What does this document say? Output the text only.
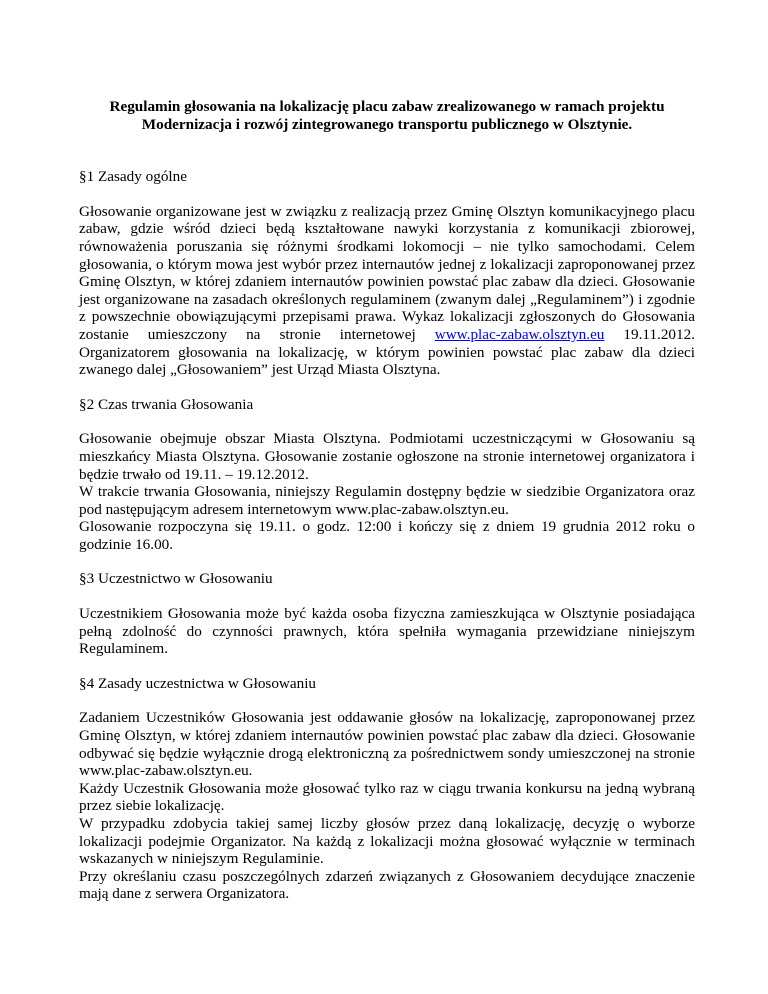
Regulamin głosowania na lokalizację placu zabaw zrealizowanego w ramach projektu
Modernizacja i rozwój zintegrowanego transportu publicznego w Olsztynie.

§1 Zasady ogólne

Głosowanie organizowane jest w związku z realizacją przez Gminę Olsztyn komunikacyjnego placu zabaw, gdzie wśród dzieci będą kształtowane nawyki korzystania z komunikacji zbiorowej, równoważenia poruszania się różnymi środkami lokomocji – nie tylko samochodami. Celem głosowania, o którym mowa jest wybór przez internautów jednej z lokalizacji zaproponowanej przez Gminę Olsztyn, w której zdaniem internautów powinien powstać plac zabaw dla dzieci. Głosowanie jest organizowane na zasadach określonych regulaminem (zwanym dalej „Regulaminem”) i zgodnie z powszechnie obowiązującymi przepisami prawa. Wykaz lokalizacji zgłoszonych do Głosowania zostanie umieszczony na stronie internetowej www.plac-zabaw.olsztyn.eu 19.11.2012. Organizatorem głosowania na lokalizację, w którym powinien powstać plac zabaw dla dzieci zwanego dalej „Głosowaniem” jest Urząd Miasta Olsztyna.

§2 Czas trwania Głosowania

Głosowanie obejmuje obszar Miasta Olsztyna. Podmiotami uczestniczącymi w Głosowaniu są mieszkańcy Miasta Olsztyna. Głosowanie zostanie ogłoszone na stronie internetowej organizatora i będzie trwało od 19.11. – 19.12.2012.
W trakcie trwania Głosowania, niniejszy Regulamin dostępny będzie w siedzibie Organizatora oraz pod następującym adresem internetowym www.plac-zabaw.olsztyn.eu.
Glosowanie rozpoczyna się 19.11. o godz. 12:00 i kończy się z dniem 19 grudnia 2012 roku o godzinie 16.00.

§3 Uczestnictwo w Głosowaniu

Uczestnikiem Głosowania może być każda osoba fizyczna zamieszkująca w Olsztynie posiadająca pełną zdolność do czynności prawnych, która spełniła wymagania przewidziane niniejszym Regulaminem.

§4 Zasady uczestnictwa w Głosowaniu

Zadaniem Uczestników Głosowania jest oddawanie głosów na lokalizację, zaproponowanej przez Gminę Olsztyn, w której zdaniem internautów powinien powstać plac zabaw dla dzieci. Głosowanie odbywać się będzie wyłącznie drogą elektroniczną za pośrednictwem sondy umieszczonej na stronie www.plac-zabaw.olsztyn.eu.
Każdy Uczestnik Głosowania może głosować tylko raz w ciągu trwania konkursu na jedną wybraną przez siebie lokalizację.
W przypadku zdobycia takiej samej liczby głosów przez daną lokalizację, decyzję o wyborze lokalizacji podejmie Organizator. Na każdą z lokalizacji można głosować wyłącznie w terminach wskazanych w niniejszym Regulaminie.
Przy określaniu czasu poszczególnych zdarzeń związanych z Głosowaniem decydujące znaczenie mają dane z serwera Organizatora.
